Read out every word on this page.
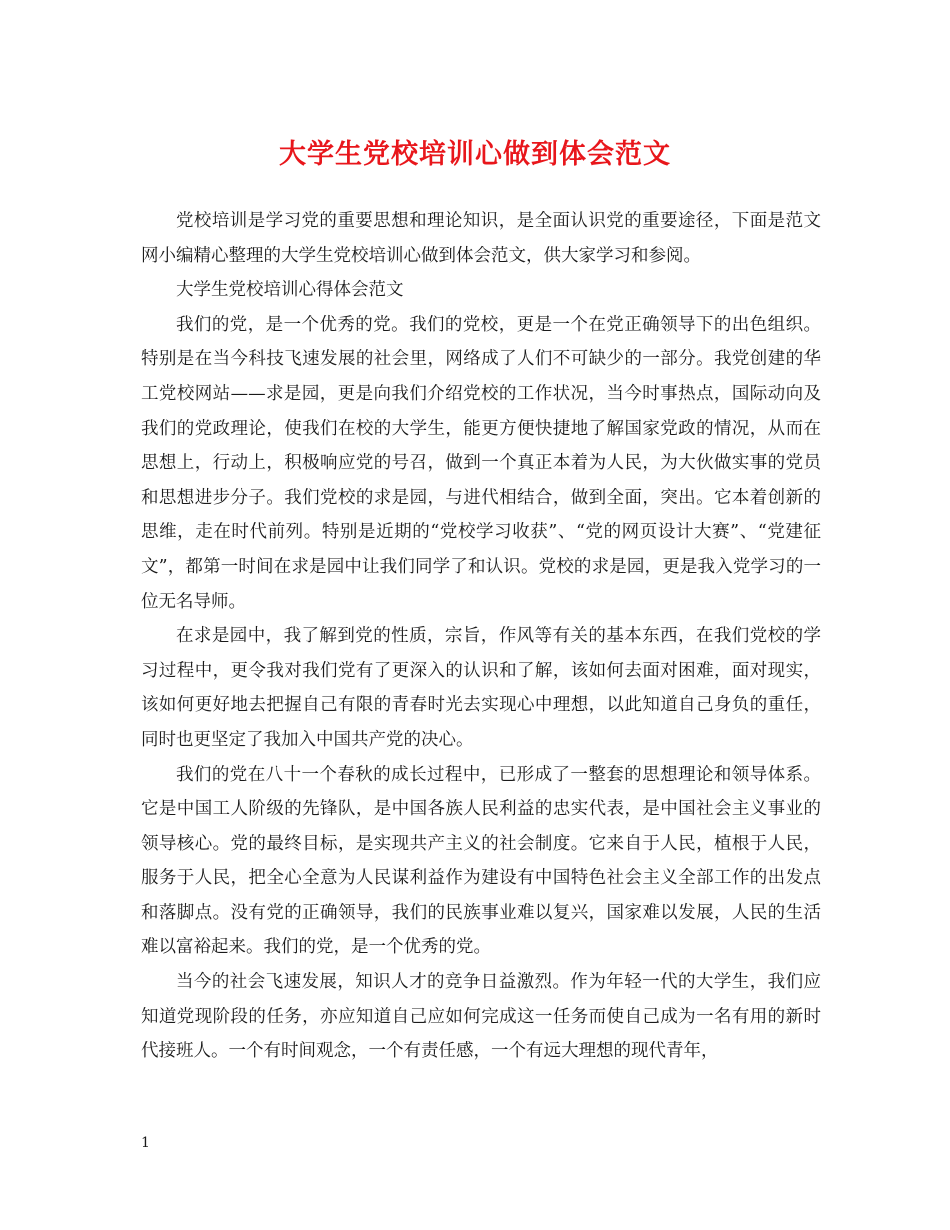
大学生党校培训心做到体会范文

党校培训是学习党的重要思想和理论知识，是全面认识党的重要途径，下面是范文网小编精心整理的大学生党校培训心做到体会范文，供大家学习和参阅。

大学生党校培训心得体会范文

我们的党，是一个优秀的党。我们的党校，更是一个在党正确领导下的出色组织。特别是在当今科技飞速发展的社会里，网络成了人们不可缺少的一部分。我党创建的华工党校网站——求是园，更是向我们介绍党校的工作状况，当今时事热点，国际动向及我们的党政理论，使我们在校的大学生，能更方便快捷地了解国家党政的情况，从而在思想上，行动上，积极响应党的号召，做到一个真正本着为人民，为大伙做实事的党员和思想进步分子。我们党校的求是园，与进代相结合，做到全面，突出。它本着创新的思维，走在时代前列。特别是近期的“党校学习收获”、“党的网页设计大赛”、“党建征文”，都第一时间在求是园中让我们同学了和认识。党校的求是园，更是我入党学习的一位无名导师。

在求是园中，我了解到党的性质，宗旨，作风等有关的基本东西，在我们党校的学习过程中，更令我对我们党有了更深入的认识和了解，该如何去面对困难，面对现实，该如何更好地去把握自己有限的青春时光去实现心中理想，以此知道自己身负的重任，同时也更坚定了我加入中国共产党的决心。

我们的党在八十一个春秋的成长过程中，已形成了一整套的思想理论和领导体系。它是中国工人阶级的先锋队，是中国各族人民利益的忠实代表，是中国社会主义事业的领导核心。党的最终目标，是实现共产主义的社会制度。它来自于人民，植根于人民，服务于人民，把全心全意为人民谋利益作为建设有中国特色社会主义全部工作的出发点和落脚点。没有党的正确领导，我们的民族事业难以复兴，国家难以发展，人民的生活难以富裕起来。我们的党，是一个优秀的党。

当今的社会飞速发展，知识人才的竞争日益激烈。作为年轻一代的大学生，我们应知道党现阶段的任务，亦应知道自己应如何完成这一任务而使自己成为一名有用的新时代接班人。一个有时间观念，一个有责任感，一个有远大理想的现代青年，

1
